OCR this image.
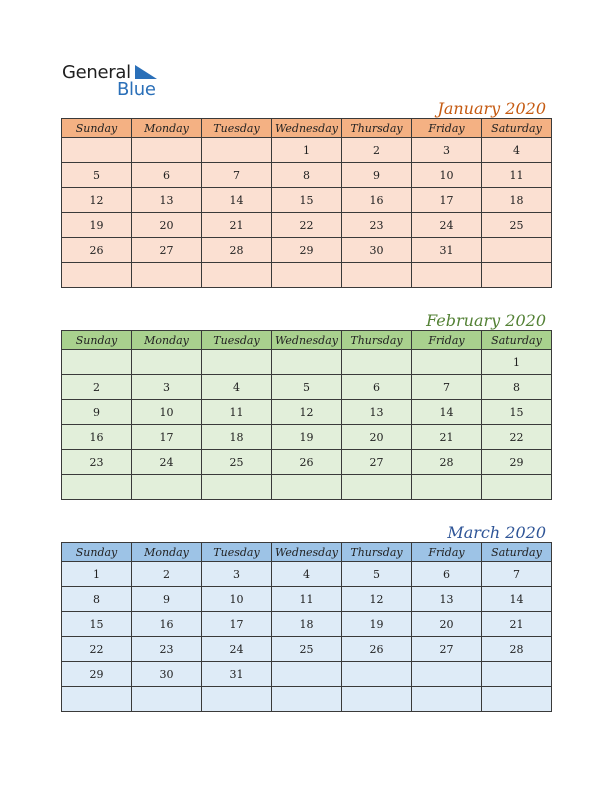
General
Blue
January 2020
Sunday	Monday	Tuesday	Wednesday	Thursday	Friday	Saturday
			1	2	3	4
5	6	7	8	9	10	11
12	13	14	15	16	17	18
19	20	21	22	23	24	25
26	27	28	29	30	31	

February 2020
Sunday	Monday	Tuesday	Wednesday	Thursday	Friday	Saturday
						1
2	3	4	5	6	7	8
9	10	11	12	13	14	15
16	17	18	19	20	21	22
23	24	25	26	27	28	29

March 2020
Sunday	Monday	Tuesday	Wednesday	Thursday	Friday	Saturday
1	2	3	4	5	6	7
8	9	10	11	12	13	14
15	16	17	18	19	20	21
22	23	24	25	26	27	28
29	30	31				
